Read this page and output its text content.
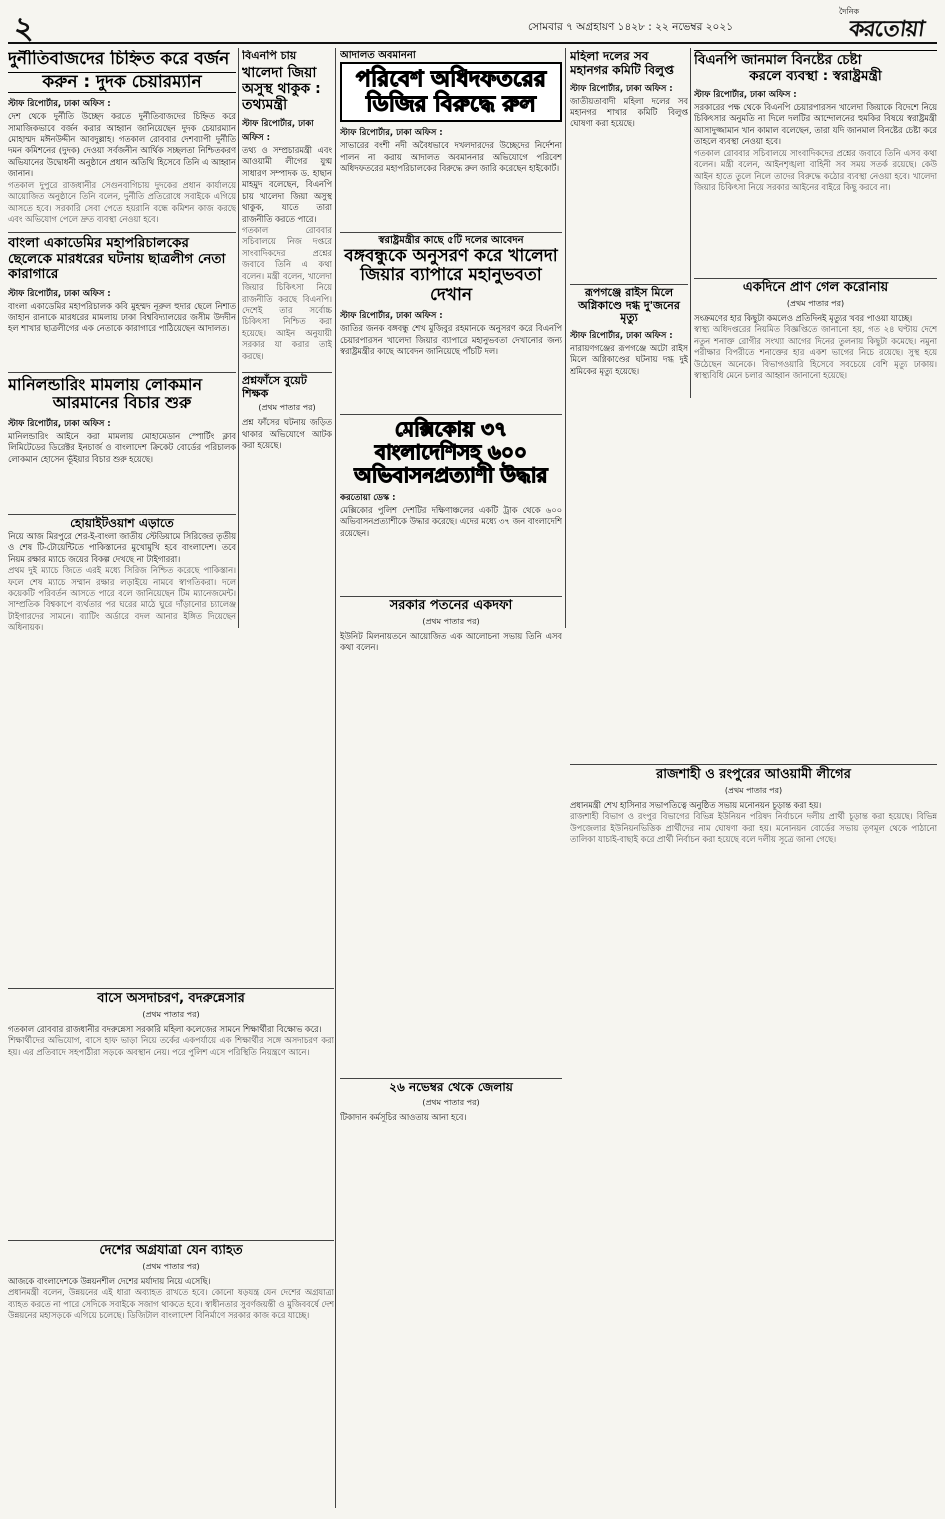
২	সোমবার ৭ অগ্রহায়ণ ১৪২৮ : ২২ নভেম্বর ২০২১
দৈনিক
করতোয়া
দুর্নীতিবাজদের চিহ্নিত করে বর্জন
করুন : দুদক চেয়ারম্যান
স্টাফ রিপোর্টার, ঢাকা অফিস :
দেশ থেকে দুর্নীতি উচ্ছেদ করতে দুর্নীতিবাজদের চিহ্নিত করে সামাজিকভাবে বর্জন করার আহ্বান জানিয়েছেন দুদক চেয়ারম্যান মোহাম্মদ মঈনউদ্দীন আবদুল্লাহ। গতকাল রোববার দেশব্যাপী দুর্নীতি দমন কমিশনের (দুদক) দেওয়া সর্বজনীন আর্থিক সচ্ছলতা নিশ্চিতকরণ অভিযানের উদ্বোধনী অনুষ্ঠানে প্রধান অতিথি হিসেবে তিনি এ আহ্বান জানান।
গতকাল দুপুরে রাজধানীর সেগুনবাগিচায় দুদকের প্রধান কার্যালয়ে আয়োজিত অনুষ্ঠানে তিনি বলেন, দুর্নীতি প্রতিরোধে সবাইকে এগিয়ে আসতে হবে। সরকারি সেবা পেতে হয়রানি বন্ধে কমিশন কাজ করছে এবং অভিযোগ পেলে দ্রুত ব্যবস্থা নেওয়া হবে।
বাংলা একাডেমির মহাপরিচালকের ছেলেকে মারধরের ঘটনায় ছাত্রলীগ নেতা কারাগারে
স্টাফ রিপোর্টার, ঢাকা অফিস :
বাংলা একাডেমির মহাপরিচালক কবি মুহম্মদ নূরুল হুদার ছেলে নিশাত জাহান রানাকে মারধরের মামলায় ঢাকা বিশ্ববিদ্যালয়ের জসীম উদদীন হল শাখার ছাত্রলীগের এক নেতাকে কারাগারে পাঠিয়েছেন আদালত।
মানিলন্ডারিং মামলায় লোকমান
আরমানের বিচার শুরু
স্টাফ রিপোর্টার, ঢাকা অফিস :
মানিলন্ডারিং আইনে করা মামলায় মোহামেডান স্পোর্টিং ক্লাব লিমিটেডের ডিরেক্টর ইনচার্জ ও বাংলাদেশ ক্রিকেট বোর্ডের পরিচালক লোকমান হোসেন ভূঁইয়ার বিচার শুরু হয়েছে।
হোয়াইটওয়াশ এড়াতে
নিয়ে আজ মিরপুরে শের-ই-বাংলা জাতীয় স্টেডিয়ামে সিরিজের তৃতীয় ও শেষ টি-টোয়েন্টিতে পাকিস্তানের মুখোমুখি হবে বাংলাদেশ। তবে নিয়ম রক্ষার ম্যাচে জয়ের বিকল্প দেখছে না টাইগাররা।
প্রথম দুই ম্যাচে জিতে এরই মধ্যে সিরিজ নিশ্চিত করেছে পাকিস্তান। ফলে শেষ ম্যাচে সম্মান রক্ষার লড়াইয়ে নামবে স্বাগতিকরা। দলে কয়েকটি পরিবর্তন আসতে পারে বলে জানিয়েছেন টিম ম্যানেজমেন্ট। সাম্প্রতিক বিশ্বকাপে ব্যর্থতার পর ঘরের মাঠে ঘুরে দাঁড়ানোর চ্যালেঞ্জ টাইগারদের সামনে। ব্যাটিং অর্ডারে বদল আনার ইঙ্গিত দিয়েছেন অধিনায়ক।
বিএনপি চায়
খালেদা জিয়া অসুস্থ থাকুক : তথ্যমন্ত্রী
স্টাফ রিপোর্টার, ঢাকা অফিস :
তথ্য ও সম্প্রচারমন্ত্রী এবং আওয়ামী লীগের যুগ্ম সাধারণ সম্পাদক ড. হাছান মাহমুদ বলেছেন, বিএনপি চায় খালেদা জিয়া অসুস্থ থাকুক, যাতে তারা রাজনীতি করতে পারে।
গতকাল রোববার সচিবালয়ে নিজ দপ্তরে সাংবাদিকদের প্রশ্নের জবাবে তিনি এ কথা বলেন। মন্ত্রী বলেন, খালেদা জিয়ার চিকিৎসা নিয়ে রাজনীতি করছে বিএনপি। দেশেই তার সর্বোচ্চ চিকিৎসা নিশ্চিত করা হয়েছে। আইন অনুযায়ী সরকার যা করার তাই করছে।
প্রশ্নফাঁসে বুয়েট শিক্ষক
(প্রথম পাতার পর)
প্রশ্ন ফাঁসের ঘটনায় জড়িত থাকার অভিযোগে আটক করা হয়েছে।
আদালত অবমাননা
পরিবেশ অধিদফতরের ডিজির বিরুদ্ধে রুল
স্টাফ রিপোর্টার, ঢাকা অফিস :
সাভারের বংশী নদী অবৈধভাবে দখলদারদের উচ্ছেদের নির্দেশনা পালন না করায় আদালত অবমাননার অভিযোগে পরিবেশ অধিদফতরের মহাপরিচালকের বিরুদ্ধে রুল জারি করেছেন হাইকোর্ট।
স্বরাষ্ট্রমন্ত্রীর কাছে ৫টি দলের আবেদন
বঙ্গবন্ধুকে অনুসরণ করে খালেদা জিয়ার ব্যাপারে মহানুভবতা দেখান
স্টাফ রিপোর্টার, ঢাকা অফিস :
জাতির জনক বঙ্গবন্ধু শেখ মুজিবুর রহমানকে অনুসরণ করে বিএনপি চেয়ারপারসন খালেদা জিয়ার ব্যাপারে মহানুভবতা দেখানোর জন্য স্বরাষ্ট্রমন্ত্রীর কাছে আবেদন জানিয়েছে পাঁচটি দল।
মেক্সিকোয় ৩৭ বাংলাদেশিসহ ৬০০ অভিবাসনপ্রত্যাশী উদ্ধার
করতোয়া ডেস্ক :
মেক্সিকোর পুলিশ দেশটির দক্ষিণাঞ্চলের একটি ট্রাক থেকে ৬০০ অভিবাসনপ্রত্যাশীকে উদ্ধার করেছে। এদের মধ্যে ৩৭ জন বাংলাদেশি রয়েছেন।
সরকার পতনের একদফা
(প্রথম পাতার পর)
ইউনিট মিলনায়তনে আয়োজিত এক আলোচনা সভায় তিনি এসব কথা বলেন।
২৬ নভেম্বর থেকে জেলায়
(প্রথম পাতার পর)
টিকাদান কর্মসূচির আওতায় আনা হবে।
মহিলা দলের সব
মহানগর কমিটি বিলুপ্ত
স্টাফ রিপোর্টার, ঢাকা অফিস :
জাতীয়তাবাদী মহিলা দলের সব মহানগর শাখার কমিটি বিলুপ্ত ঘোষণা করা হয়েছে।
রূপগঞ্জে রাইস মিলে অগ্নিকাণ্ডে দগ্ধ দু'জনের মৃত্যু
স্টাফ রিপোর্টার, ঢাকা অফিস :
নারায়ণগঞ্জের রূপগঞ্জে অটো রাইস মিলে অগ্নিকাণ্ডের ঘটনায় দগ্ধ দুই শ্রমিকের মৃত্যু হয়েছে।
বিএনপি জানমাল বিনষ্টের চেষ্টা
করলে ব্যবস্থা : স্বরাষ্ট্রমন্ত্রী
স্টাফ রিপোর্টার, ঢাকা অফিস :
সরকারের পক্ষ থেকে বিএনপি চেয়ারপারসন খালেদা জিয়াকে বিদেশে নিয়ে চিকিৎসার অনুমতি না দিলে দলটির আন্দোলনের হুমকির বিষয়ে স্বরাষ্ট্রমন্ত্রী আসাদুজ্জামান খান কামাল বলেছেন, তারা যদি জানমাল বিনষ্টের চেষ্টা করে তাহলে ব্যবস্থা নেওয়া হবে।
গতকাল রোববার সচিবালয়ে সাংবাদিকদের প্রশ্নের জবাবে তিনি এসব কথা বলেন। মন্ত্রী বলেন, আইনশৃঙ্খলা বাহিনী সব সময় সতর্ক রয়েছে। কেউ আইন হাতে তুলে নিলে তাদের বিরুদ্ধে কঠোর ব্যবস্থা নেওয়া হবে। খালেদা জিয়ার চিকিৎসা নিয়ে সরকার আইনের বাইরে কিছু করবে না।
একদিনে প্রাণ গেল করোনায়
(প্রথম পাতার পর)
সংক্রমণের হার কিছুটা কমলেও প্রতিদিনই মৃত্যুর খবর পাওয়া যাচ্ছে।
স্বাস্থ্য অধিদপ্তরের নিয়মিত বিজ্ঞপ্তিতে জানানো হয়, গত ২৪ ঘণ্টায় দেশে নতুন শনাক্ত রোগীর সংখ্যা আগের দিনের তুলনায় কিছুটা কমেছে। নমুনা পরীক্ষার বিপরীতে শনাক্তের হার একশ ভাগের নিচে রয়েছে। সুস্থ হয়ে উঠেছেন অনেকে। বিভাগওয়ারি হিসেবে সবচেয়ে বেশি মৃত্যু ঢাকায়। স্বাস্থ্যবিধি মেনে চলার আহ্বান জানানো হয়েছে।
রাজশাহী ও রংপুরের আওয়ামী লীগের
(প্রথম পাতার পর)
প্রধানমন্ত্রী শেখ হাসিনার সভাপতিত্বে অনুষ্ঠিত সভায় মনোনয়ন চূড়ান্ত করা হয়।
রাজশাহী বিভাগ ও রংপুর বিভাগের বিভিন্ন ইউনিয়ন পরিষদ নির্বাচনে দলীয় প্রার্থী চূড়ান্ত করা হয়েছে। বিভিন্ন উপজেলার ইউনিয়নভিত্তিক প্রার্থীদের নাম ঘোষণা করা হয়। মনোনয়ন বোর্ডের সভায় তৃণমূল থেকে পাঠানো তালিকা যাচাই-বাছাই করে প্রার্থী নির্বাচন করা হয়েছে বলে দলীয় সূত্রে জানা গেছে।
বাসে অসদাচরণ, বদরুন্নেসার
(প্রথম পাতার পর)
গতকাল রোববার রাজধানীর বদরুন্নেসা সরকারি মহিলা কলেজের সামনে শিক্ষার্থীরা বিক্ষোভ করে।
শিক্ষার্থীদের অভিযোগ, বাসে হাফ ভাড়া নিয়ে তর্কের একপর্যায়ে এক শিক্ষার্থীর সঙ্গে অসদাচরণ করা হয়। এর প্রতিবাদে সহপাঠীরা সড়কে অবস্থান নেয়। পরে পুলিশ এসে পরিস্থিতি নিয়ন্ত্রণে আনে।
দেশের অগ্রযাত্রা যেন ব্যাহত
(প্রথম পাতার পর)
আজকে বাংলাদেশকে উন্নয়নশীল দেশের মর্যাদায় নিয়ে এসেছি।
প্রধানমন্ত্রী বলেন, উন্নয়নের এই ধারা অব্যাহত রাখতে হবে। কোনো ষড়যন্ত্র যেন দেশের অগ্রযাত্রা ব্যাহত করতে না পারে সেদিকে সবাইকে সজাগ থাকতে হবে। স্বাধীনতার সুবর্ণজয়ন্তী ও মুজিববর্ষে দেশ উন্নয়নের মহাসড়কে এগিয়ে চলেছে। ডিজিটাল বাংলাদেশ বিনির্মাণে সরকার কাজ করে যাচ্ছে।
